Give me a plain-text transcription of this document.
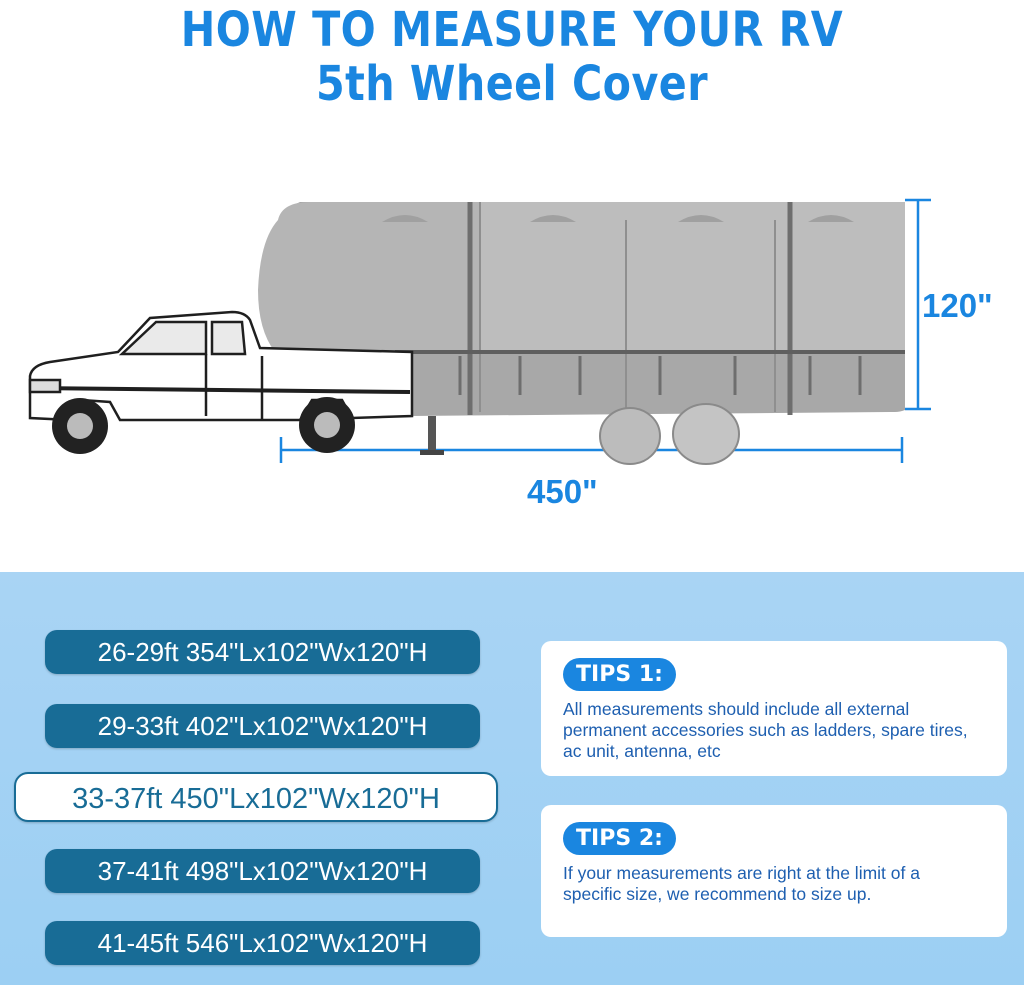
HOW TO MEASURE YOUR RV
5th Wheel Cover
120"
450"
26-29ft 354"Lx102"Wx120"H
29-33ft 402"Lx102"Wx120"H
33-37ft 450"Lx102"Wx120"H
37-41ft 498"Lx102"Wx120"H
41-45ft 546"Lx102"Wx120"H
TIPS 1:
All measurements should include all external permanent accessories such as ladders, spare tires, ac unit, antenna, etc
TIPS 2:
If your measurements are right at the limit of a specific size, we recommend to size up.
